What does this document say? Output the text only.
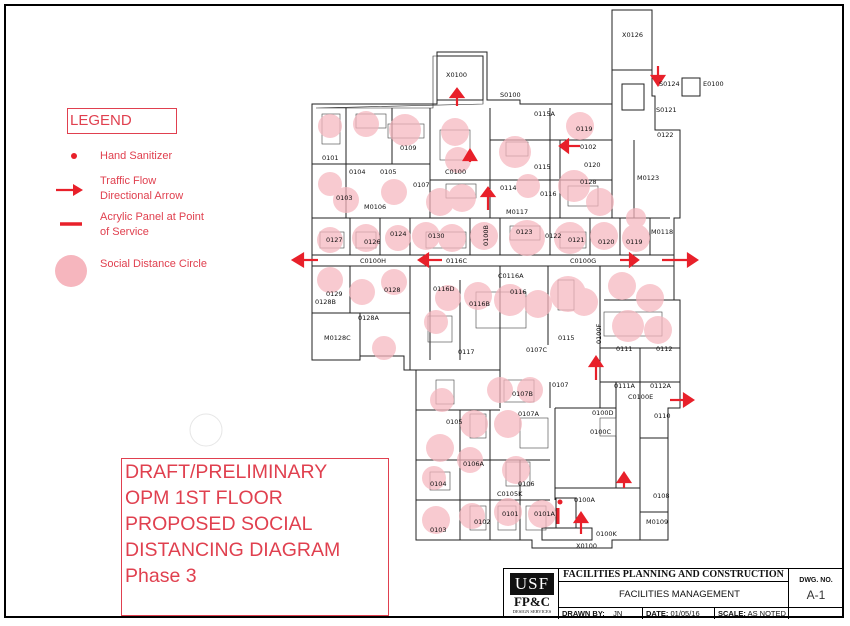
X0126
X0100
S0100
E0100
S0124
S0121
0122
M0123
0119
0120
0102
0115A
0115
0109
0104 0105
M0106
0107
C0100
0114
0116
0128
M0117
0101
0103
0127	0126
0124	0130	0123 0122 0121 0120 0119
M0118
C0100H	0116C	C0100G
0129	0128
0128B
0128A
M0128C
0116D
C0116A
0116B
0116
0115
0117	0111	0112
0111A 0112A
0107C
0107
0107B
0107A
C0100E
0110
0105
0100D
0100C
0106A
0106
0104
C0105K
0100A	0108
M0109
0103
0102
0101 0101A
0100K
X0100
0100B
0100F
LEGEND
Hand Sanitizer
Traffic Flow Directional Arrow
Acrylic Panel at Point of Service
Social Distance Circle
DRAFT/PRELIMINARY
OPM 1ST FLOOR
PROPOSED SOCIAL
DISTANCING DIAGRAM
Phase 3	USF
FP&C
DESIGN SERVICES
FACILITIES PLANNING AND CONSTRUCTION
FACILITIES MANAGEMENT
DWG. NO.
A-1
DRAWN BY: JN	DATE: 01/05/16	SCALE: AS NOTED
